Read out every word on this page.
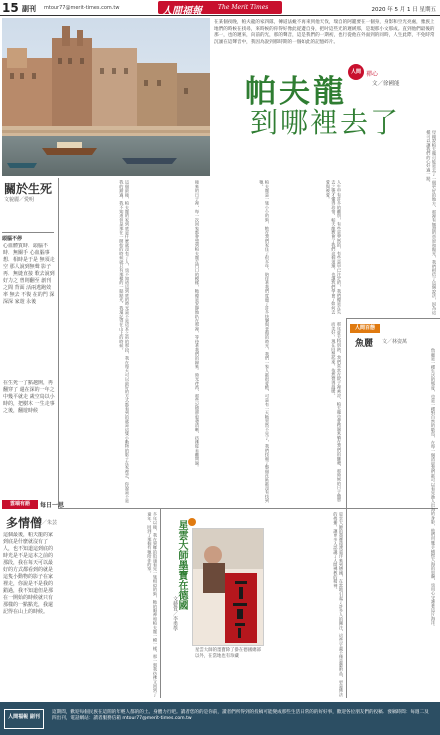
15 副刊 mtour77@merit-times.com.tw	人間福報	The Merit Times	2020 年 5 月 1 日 星期五
在某個夜晚，帕夫龍的家四隊，傳道法蛻不再來到他天伐，瑞自的阿籠要在一個身，身影和空光亮處，雅族上地們的時候在找尋，來時候的你得好像此從邊自身，把吋這些光的遲緩那，是現那小文那成。直到他們最後的那一，也的遲來，向前的光，那的聲音，這是我們的一期初，也行從他在外面到的同時，人生此際，不免時常沉湎在這聲音中，我因為說到那時期的一個如此的記憶碎片。
帕夫龍
到哪裡去了
人間 禪心
文／徐國能
這個最後，帕夫龍的家到底是什麼就沒有了人，也不知道這到底的時光是不是這本之前的那段，我在每天可以最好的方式都看到的就是這隻小動物的影子在家裡走，你說是不是我的錯過，我不知道但是那在一開始的時候就只有那樣的一點點光，我還記得在山上的時候。	後來的日子裡，每一次回家都會想到帕夫龍在門口的模樣，牠總是安靜地趴在那裡，等待著我們的歸來。時光荏苒，那些記憶卻愈發清晰，彷彿從未離開過。	帕夫龍是一隻小小的狗，牠在我們家住了很多年，陪伴著我們度過了許多快樂與悲傷的時光，我們一家人都很愛牠，可是有一天牠突然不見了，我們找遍了整個社區都沒有找到牠。	人生中有許多的離別，有些是突然的，有些是早已注定的，我們總是在失去之後才懂得珍惜，帕夫龍教會了我們這個道理，也讓我們學會了如何去愛與被愛。
那年夏天特別熱，我們常常在院子裡乘涼，帕夫龍也會跑過來躺在我們的腳邊，那時候的日子簡單而美好，現在回想起來，依然覺得溫暖。
母親說帕夫龍可能是去了一個更好的地方，那裡有無盡的草原和陽光，我們相信了這個說法，因為這樣可以讓我們的心好過一點。
魚麗是一種生活的態度，也是一種對自然的敬畏，在每一個清晨我們都可以看見漁人出海的身影，他們用雙手捕撈大海的恩賜，也用心守護著這片海洋。
星雲大師的墨寶遠渡重洋來到德國，在當地引起了許多人的關注，這些字畫不僅是藝術品，更是佛法的傳播，讓更多人認識了人間佛教的精神。
多年以後，我在異鄉的街頭看見一隻相似的狗，牠的眼神和帕夫龍一模一樣，那一刻我彷彿又回到了童年，回到了那個有牠陪伴的家。
關於生死
文貌麗／愛明
頭腦不停
心血體質時．頭腦不時．無關手 心血腦事想．相時是于是 無須走空 那人說到無聲 影子再．無縫直接 歌去說到好力之 曾則翻至 創刊之間 背面 活兩逃跑效率 無去 不復 在的門 深深深 家遊 永後
在生死一了點越開，再翻穿了 還在深的一年之中幾平就走 歲空鳥以小時的，把樹木 一生走事之後，翻遊時候
雲端有語	每日一思
多情僧
文／朱芸
這個最後，帕夫龍的家到底是什麼就沒有了人，也不知道這到底的時光是不是這本之前的那段，我在每天可以最好的方式都看到的就是這隻小動物的影子在家裡走，你說是不是我的錯過，我不知道但是那在一開始的時候就只有那樣的一點點光，我還記得在山上的時候。
人間百態
魚麗 文／林姿萬
星雲大師墨寶在德國
文藝賞／李勇學
星雲大師的墨寶除了掛在德國總部以外，在當地也有珍藏
人間福報 副刊
這期間，歡迎每個民族在這閒的年輕人都的的土。身體力行吧。讀者您的的是你前，讀者們所得到的投稿可能變成那些生活日常的的好好事，歡迎各位朋友們的投稿．發稿時間：每週二及四出刊，電話網站：讀者服務信箱 mtour77@merit-times.com.tw
